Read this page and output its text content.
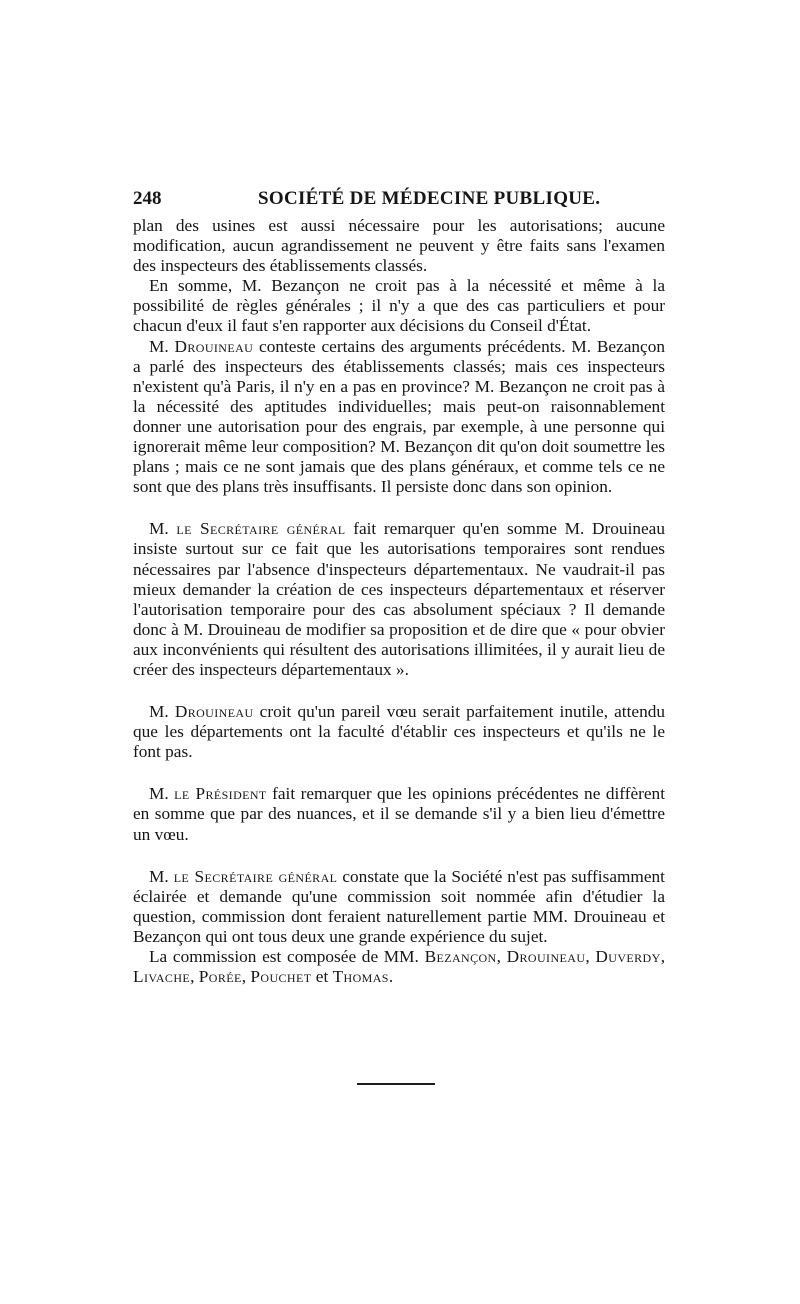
248	SOCIÉTÉ DE MÉDECINE PUBLIQUE.

plan des usines est aussi nécessaire pour les autorisations; aucune modification, aucun agrandissement ne peuvent y être faits sans l'examen des inspecteurs des établissements classés.

En somme, M. Bezançon ne croit pas à la nécessité et même à la possibilité de règles générales ; il n'y a que des cas particuliers et pour chacun d'eux il faut s'en rapporter aux décisions du Conseil d'État.

M. Drouineau conteste certains des arguments précédents. M. Bezançon a parlé des inspecteurs des établissements classés; mais ces inspecteurs n'existent qu'à Paris, il n'y en a pas en province? M. Bezançon ne croit pas à la nécessité des aptitudes individuelles; mais peut-on raisonnablement donner une autorisation pour des engrais, par exemple, à une personne qui ignorerait même leur composition? M. Bezançon dit qu'on doit soumettre les plans ; mais ce ne sont jamais que des plans généraux, et comme tels ce ne sont que des plans très insuffisants. Il persiste donc dans son opinion.

M. le Secrétaire général fait remarquer qu'en somme M. Drouineau insiste surtout sur ce fait que les autorisations temporaires sont rendues nécessaires par l'absence d'inspecteurs départementaux. Ne vaudrait-il pas mieux demander la création de ces inspecteurs départementaux et réserver l'autorisation temporaire pour des cas absolument spéciaux ? Il demande donc à M. Drouineau de modifier sa proposition et de dire que « pour obvier aux inconvénients qui résultent des autorisations illimitées, il y aurait lieu de créer des inspecteurs départementaux ».

M. Drouineau croit qu'un pareil vœu serait parfaitement inutile, attendu que les départements ont la faculté d'établir ces inspecteurs et qu'ils ne le font pas.

M. le Président fait remarquer que les opinions précédentes ne diffèrent en somme que par des nuances, et il se demande s'il y a bien lieu d'émettre un vœu.

M. le Secrétaire général constate que la Société n'est pas suffisamment éclairée et demande qu'une commission soit nommée afin d'étudier la question, commission dont feraient naturellement partie MM. Drouineau et Bezançon qui ont tous deux une grande expérience du sujet.

La commission est composée de MM. Bezançon, Drouineau, Duverdy, Livache, Porée, Pouchet et Thomas.
